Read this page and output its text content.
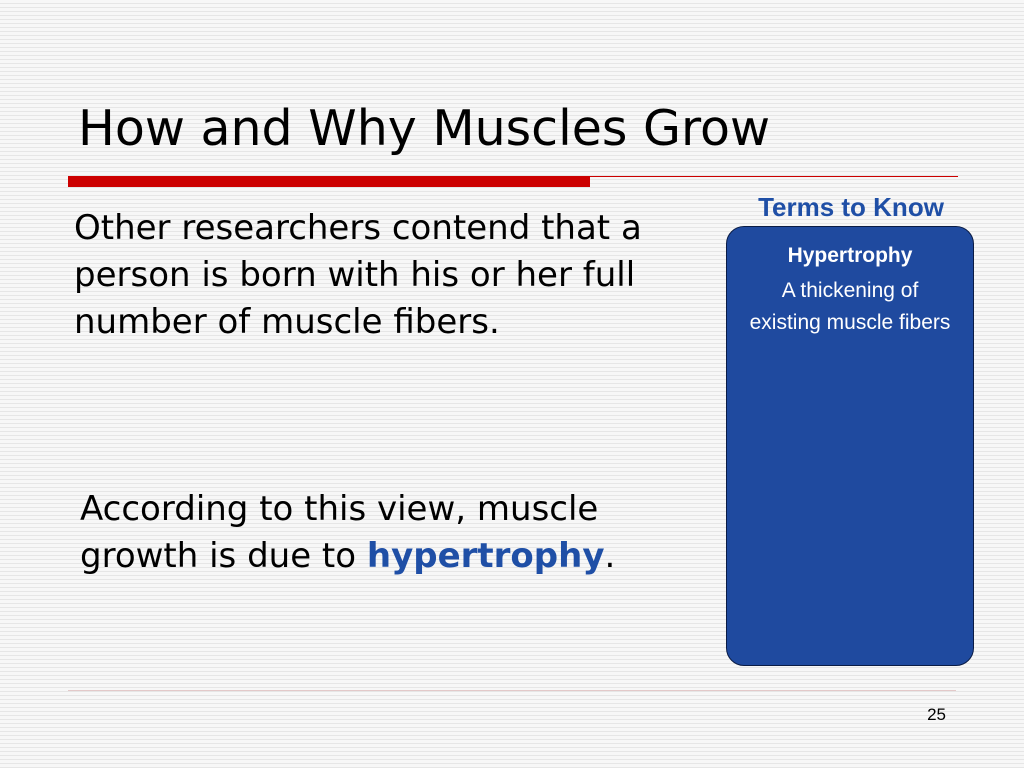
How and Why Muscles Grow

Other researchers contend that a person is born with his or her full number of muscle fibers.

According to this view, muscle growth is due to hypertrophy.

Terms to Know
Hypertrophy
A thickening of existing muscle fibers
25
